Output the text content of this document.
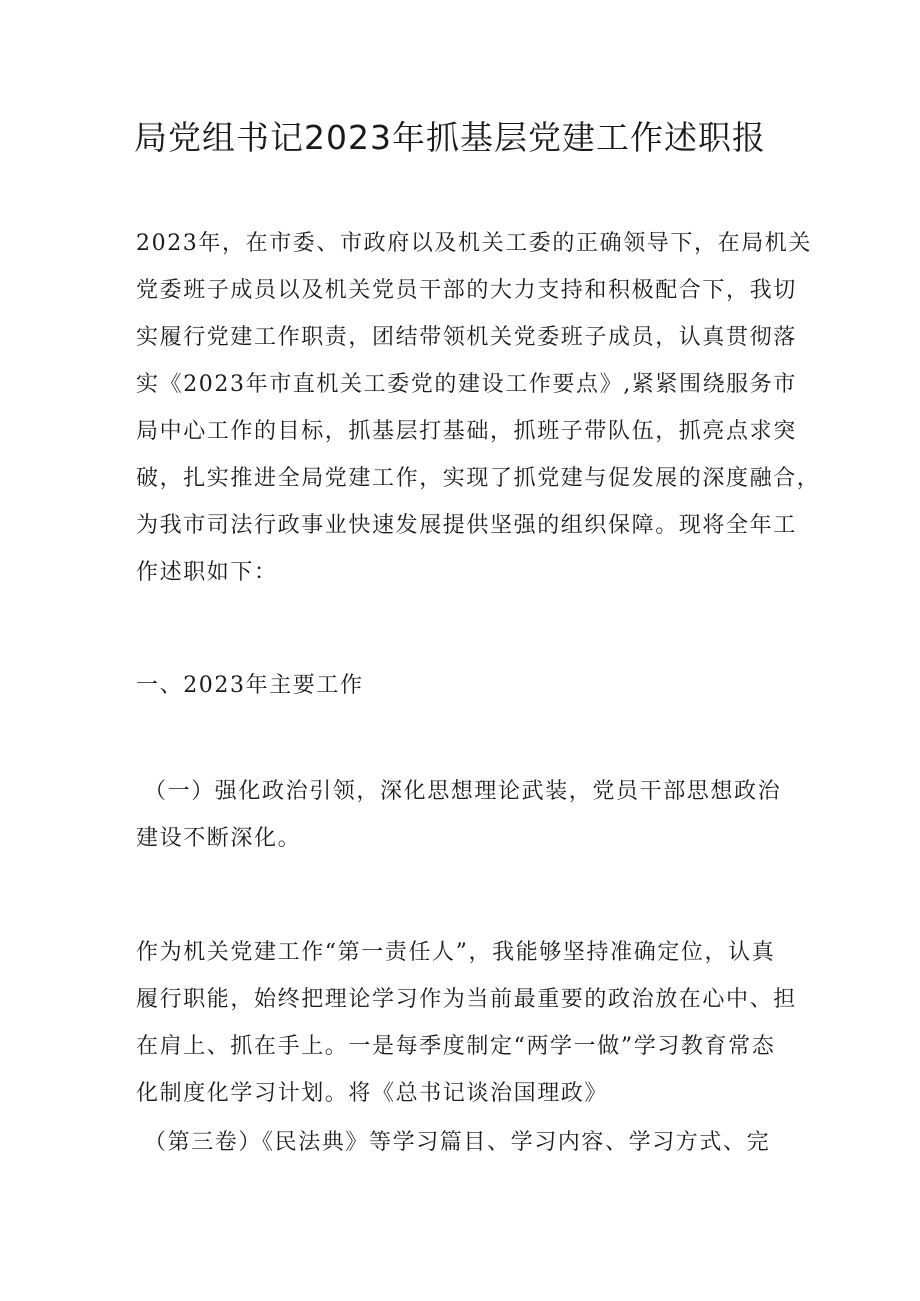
局党组书记2023年抓基层党建工作述职报
2023年，在市委、市政府以及机关工委的正确领导下，在局机关
党委班子成员以及机关党员干部的大力支持和积极配合下，我切
实履行党建工作职责，团结带领机关党委班子成员，认真贯彻落
实《2023年市直机关工委党的建设工作要点》,紧紧围绕服务市
局中心工作的目标，抓基层打基础，抓班子带队伍，抓亮点求突
破，扎实推进全局党建工作，实现了抓党建与促发展的深度融合，
为我市司法行政事业快速发展提供坚强的组织保障。现将全年工
作述职如下：
一、2023年主要工作
（一）强化政治引领，深化思想理论武装，党员干部思想政治
建设不断深化。
作为机关党建工作“第一责任人”，我能够坚持准确定位，认真
履行职能，始终把理论学习作为当前最重要的政治放在心中、担
在肩上、抓在手上。一是每季度制定“两学一做”学习教育常态
化制度化学习计划。将《总书记谈治国理政》
（第三卷）《民法典》等学习篇目、学习内容、学习方式、完
